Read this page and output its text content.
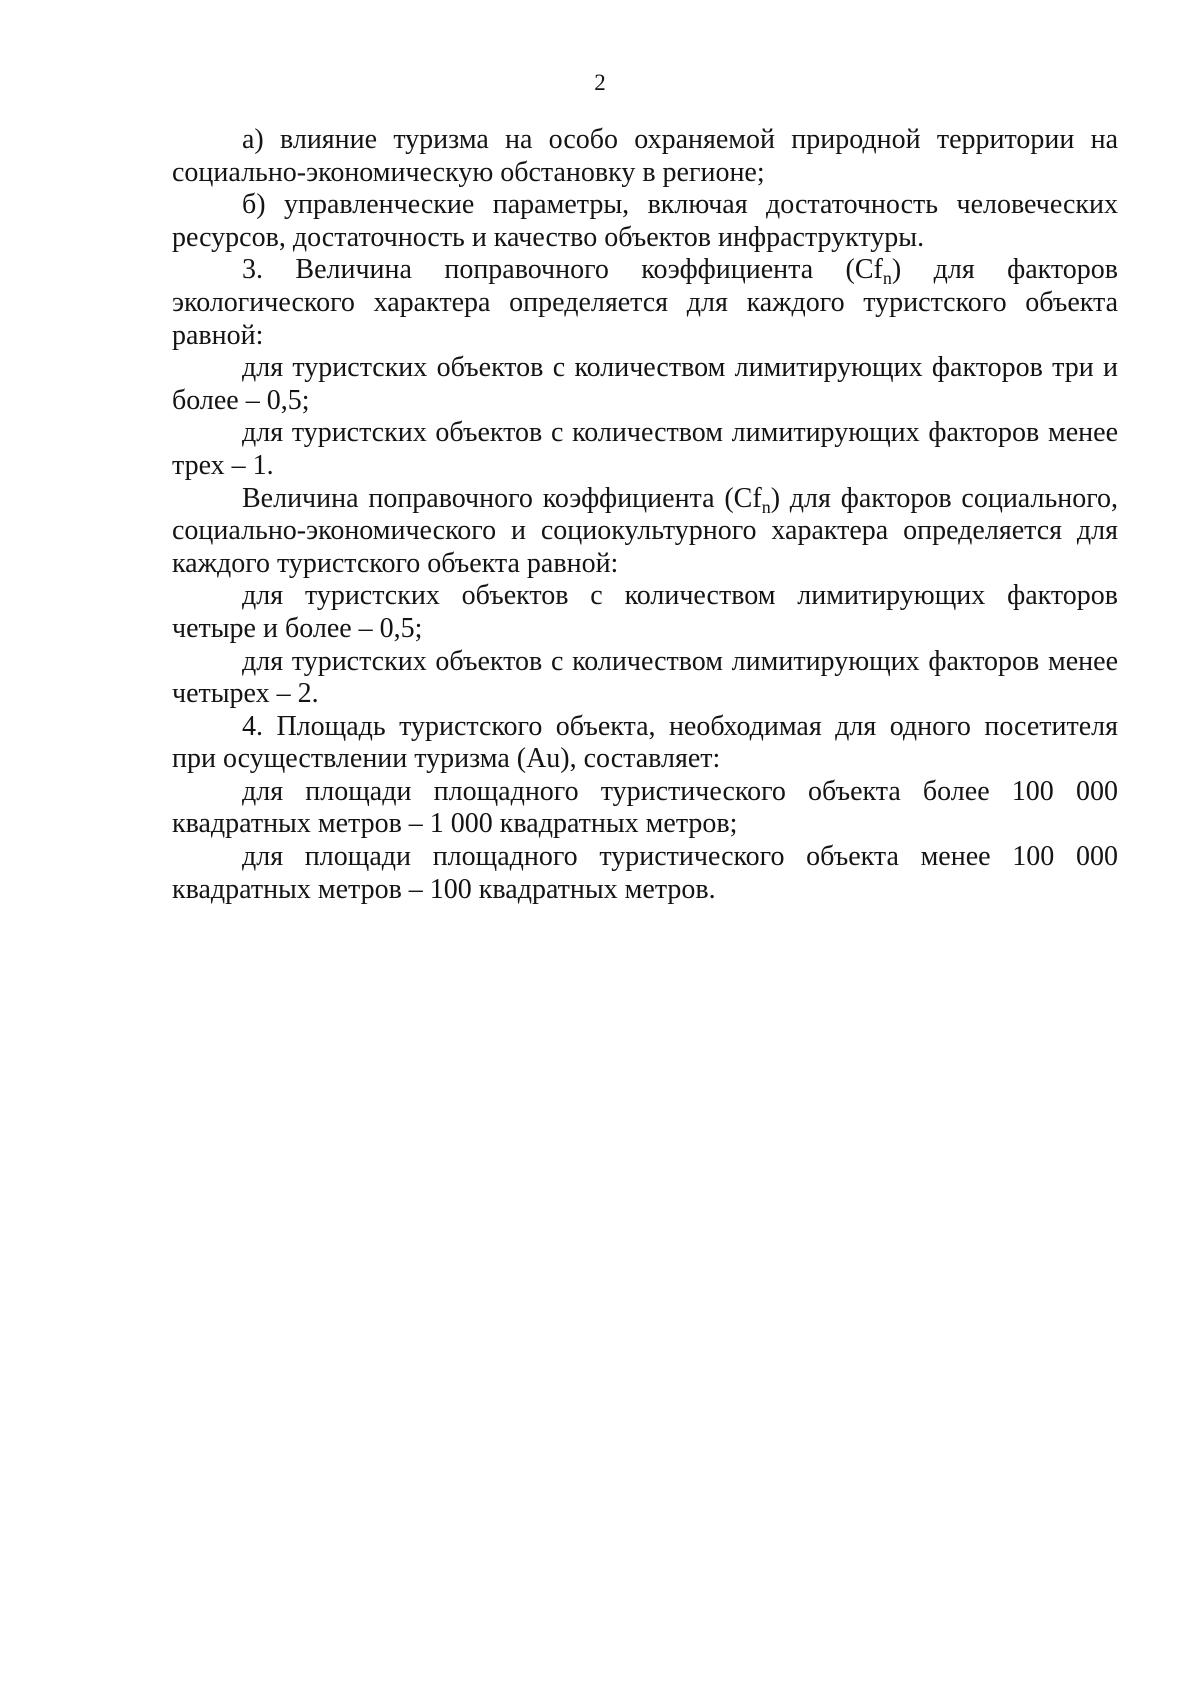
2

а) влияние туризма на особо охраняемой природной территории на социально-экономическую обстановку в регионе;

б) управленческие параметры, включая достаточность человеческих ресурсов, достаточность и качество объектов инфраструктуры.

3. Величина поправочного коэффициента $(Cf_n)$ для факторов экологического характера определяется для каждого туристского объекта равной:

для туристских объектов с количеством лимитирующих факторов три и более – 0,5;

для туристских объектов с количеством лимитирующих факторов менее трех – 1.

Величина поправочного коэффициента $(Cf_n)$ для факторов социального, социально-экономического и социокультурного характера определяется для каждого туристского объекта равной:

для туристских объектов с количеством лимитирующих факторов четыре и более – 0,5;

для туристских объектов с количеством лимитирующих факторов менее четырех – 2.

4. Площадь туристского объекта, необходимая для одного посетителя при осуществлении туризма (Au), составляет:

для площади площадного туристического объекта более 100 000 квадратных метров – 1 000 квадратных метров;

для площади площадного туристического объекта менее 100 000 квадратных метров – 100 квадратных метров.
